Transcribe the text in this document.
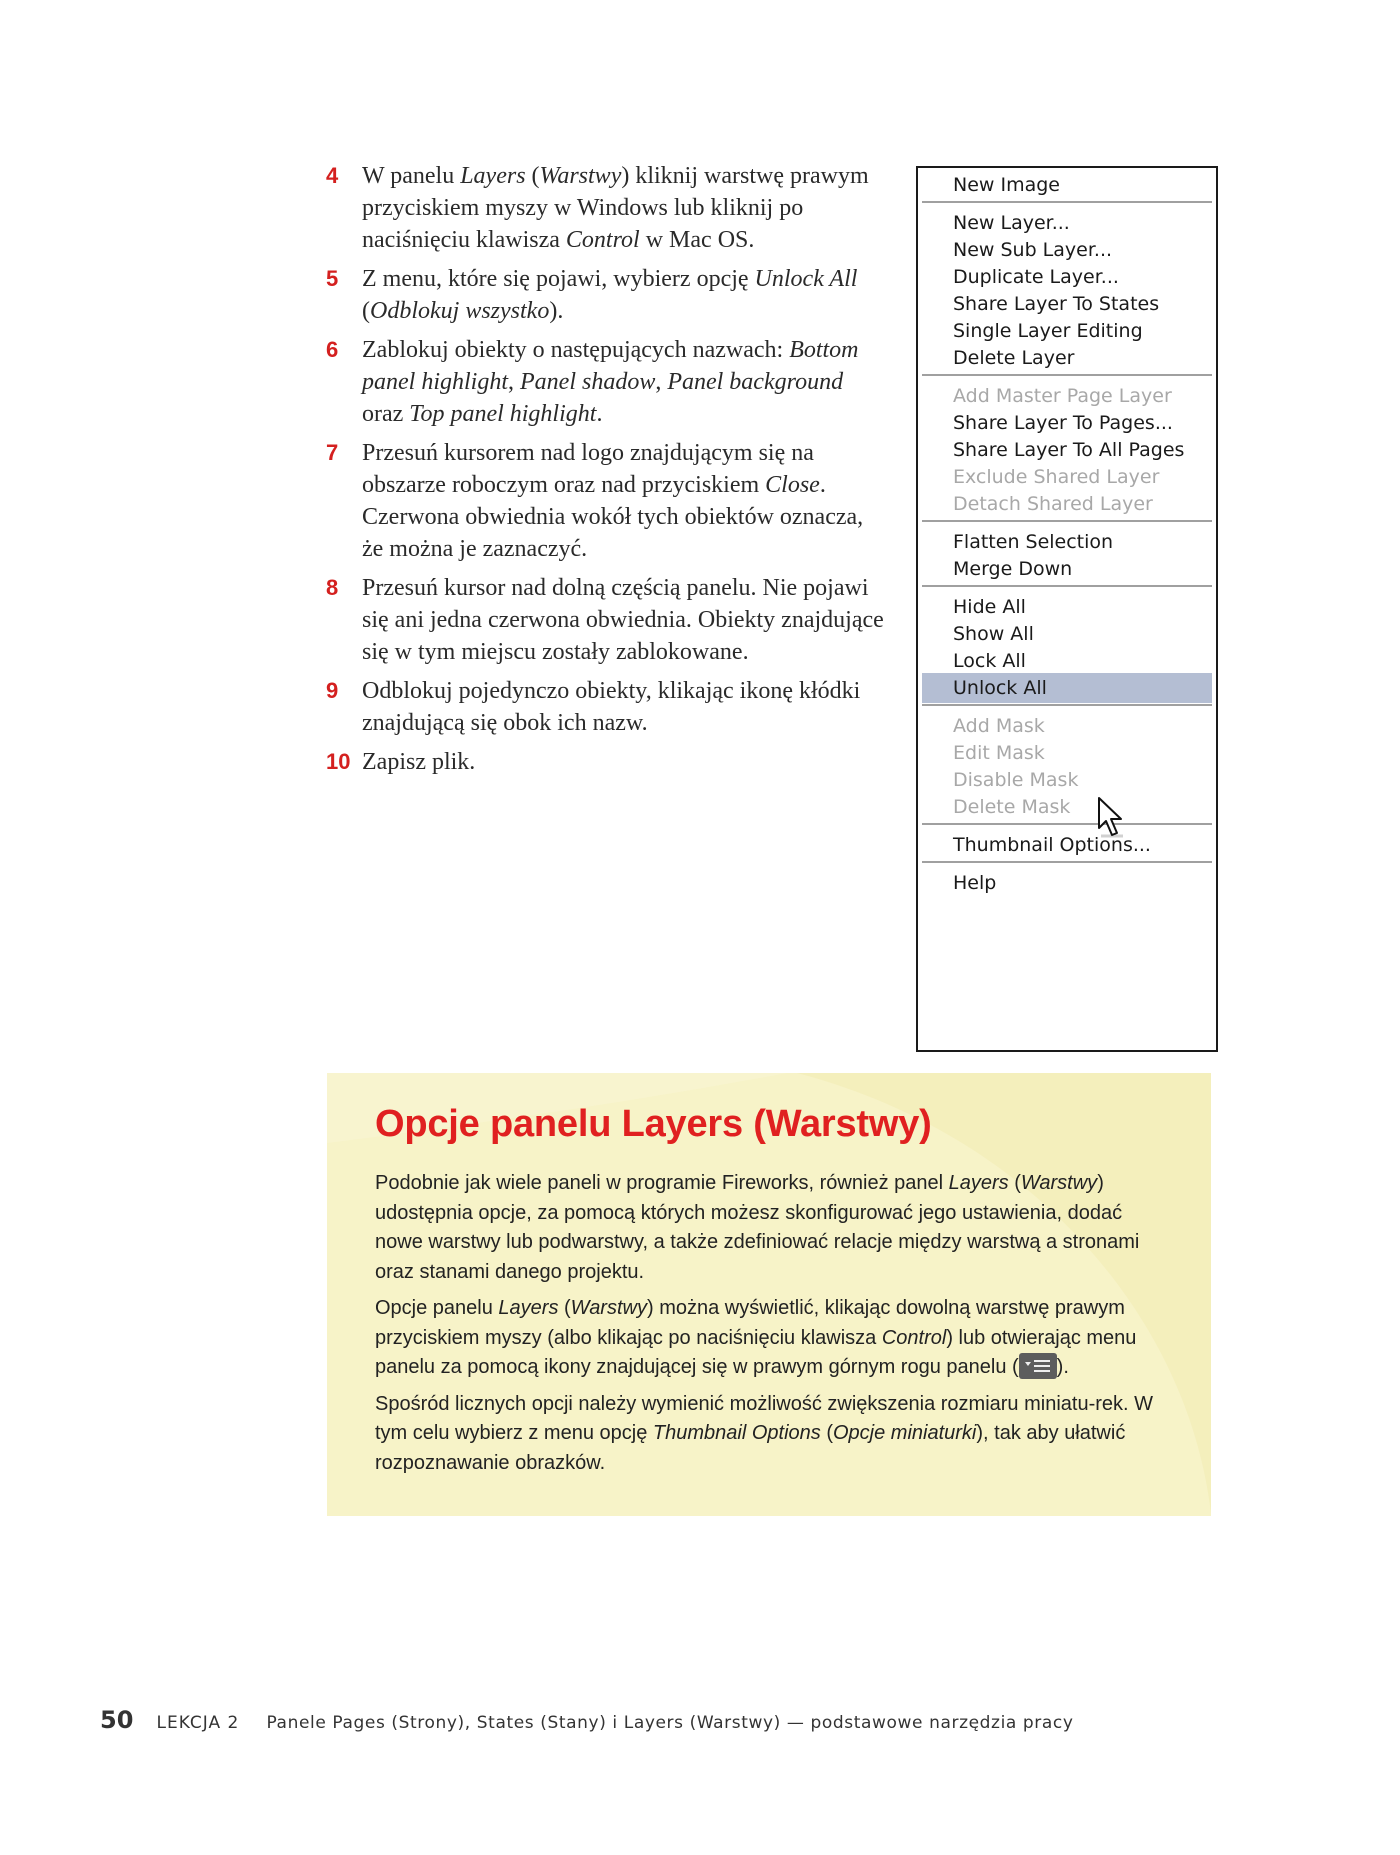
4 W panelu Layers (Warstwy) kliknij warstwę prawym przyciskiem myszy w Windows lub kliknij po naciśnięciu klawisza Control w Mac OS.
5 Z menu, które się pojawi, wybierz opcję Unlock All (Odblokuj wszystko).
6 Zablokuj obiekty o następujących nazwach: Bottom panel highlight, Panel shadow, Panel background oraz Top panel highlight.
7 Przesuń kursorem nad logo znajdującym się na obszarze roboczym oraz nad przyciskiem Close. Czerwona obwiednia wokół tych obiektów oznacza, że można je zaznaczyć.
8 Przesuń kursor nad dolną częścią panelu. Nie pojawi się ani jedna czerwona obwiednia. Obiekty znajdujące się w tym miejscu zostały zablokowane.
9 Odblokuj pojedynczo obiekty, klikając ikonę kłódki znajdującą się obok ich nazw.
10 Zapisz plik.
New Image
New Layer...
New Sub Layer...
Duplicate Layer...
Share Layer To States
Single Layer Editing
Delete Layer
Add Master Page Layer
Share Layer To Pages...
Share Layer To All Pages
Exclude Shared Layer
Detach Shared Layer
Flatten Selection
Merge Down
Hide All
Show All
Lock All
Unlock All
Add Mask
Edit Mask
Disable Mask
Delete Mask
Thumbnail Options...
Help
Opcje panelu Layers (Warstwy)

Podobnie jak wiele paneli w programie Fireworks, również panel Layers (Warstwy) udostępnia opcje, za pomocą których możesz skonfigurować jego ustawienia, dodać nowe warstwy lub podwarstwy, a także zdefiniować relacje między warstwą a stronami oraz stanami danego projektu.

Opcje panelu Layers (Warstwy) można wyświetlić, klikając dowolną warstwę prawym przyciskiem myszy (albo klikając po naciśnięciu klawisza Control) lub otwierając menu panelu za pomocą ikony znajdującej się w prawym górnym rogu panelu ( ).

Spośród licznych opcji należy wymienić możliwość zwiększenia rozmiaru miniatu-rek. W tym celu wybierz z menu opcję Thumbnail Options (Opcje miniaturki), tak aby ułatwić rozpoznawanie obrazków.

50 LEKCJA 2 Panele Pages (Strony), States (Stany) i Layers (Warstwy) — podstawowe narzędzia pracy
